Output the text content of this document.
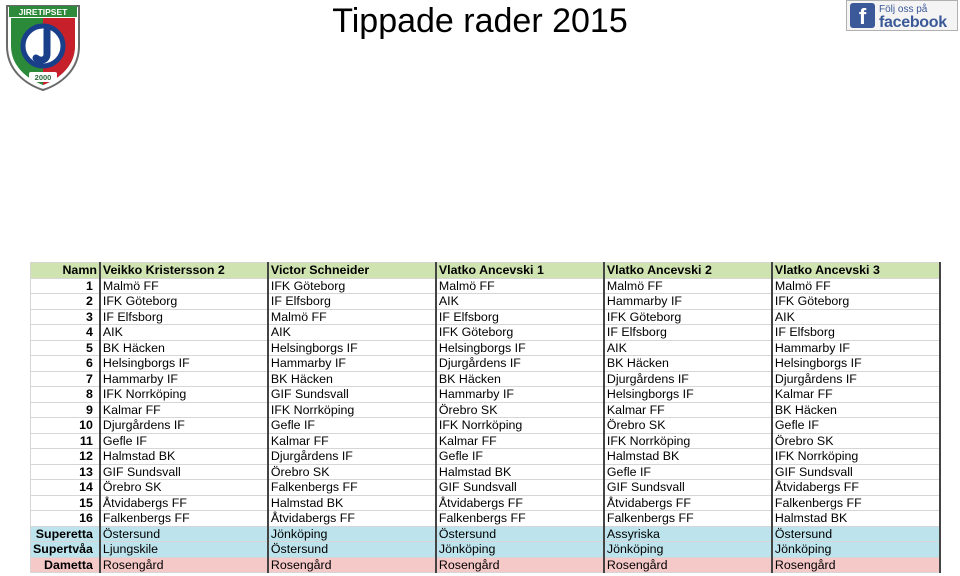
JIRETIPSET
2000
Tippade rader 2015	f	Följ oss på
facebook
Namn	Veikko Kristersson 2	Victor Schneider	Vlatko Ancevski 1	Vlatko Ancevski 2	Vlatko Ancevski 3
1	Malmö FF	IFK Göteborg	Malmö FF	Malmö FF	Malmö FF
2	IFK Göteborg	IF Elfsborg	AIK	Hammarby IF	IFK Göteborg
3	IF Elfsborg	Malmö FF	IF Elfsborg	IFK Göteborg	AIK
4	AIK	AIK	IFK Göteborg	IF Elfsborg	IF Elfsborg
5	BK Häcken	Helsingborgs IF	Helsingborgs IF	AIK	Hammarby IF
6	Helsingborgs IF	Hammarby IF	Djurgårdens IF	BK Häcken	Helsingborgs IF
7	Hammarby IF	BK Häcken	BK Häcken	Djurgårdens IF	Djurgårdens IF
8	IFK Norrköping	GIF Sundsvall	Hammarby IF	Helsingborgs IF	Kalmar FF
9	Kalmar FF	IFK Norrköping	Örebro SK	Kalmar FF	BK Häcken
10	Djurgårdens IF	Gefle IF	IFK Norrköping	Örebro SK	Gefle IF
11	Gefle IF	Kalmar FF	Kalmar FF	IFK Norrköping	Örebro SK
12	Halmstad BK	Djurgårdens IF	Gefle IF	Halmstad BK	IFK Norrköping
13	GIF Sundsvall	Örebro SK	Halmstad BK	Gefle IF	GIF Sundsvall
14	Örebro SK	Falkenbergs FF	GIF Sundsvall	GIF Sundsvall	Åtvidabergs FF
15	Åtvidabergs FF	Halmstad BK	Åtvidabergs FF	Åtvidabergs FF	Falkenbergs FF
16	Falkenbergs FF	Åtvidabergs FF	Falkenbergs FF	Falkenbergs FF	Halmstad BK
Superetta	Östersund	Jönköping	Östersund	Assyriska	Östersund
Supertvåa	Ljungskile	Östersund	Jönköping	Jönköping	Jönköping
Dametta	Rosengård	Rosengård	Rosengård	Rosengård	Rosengård
